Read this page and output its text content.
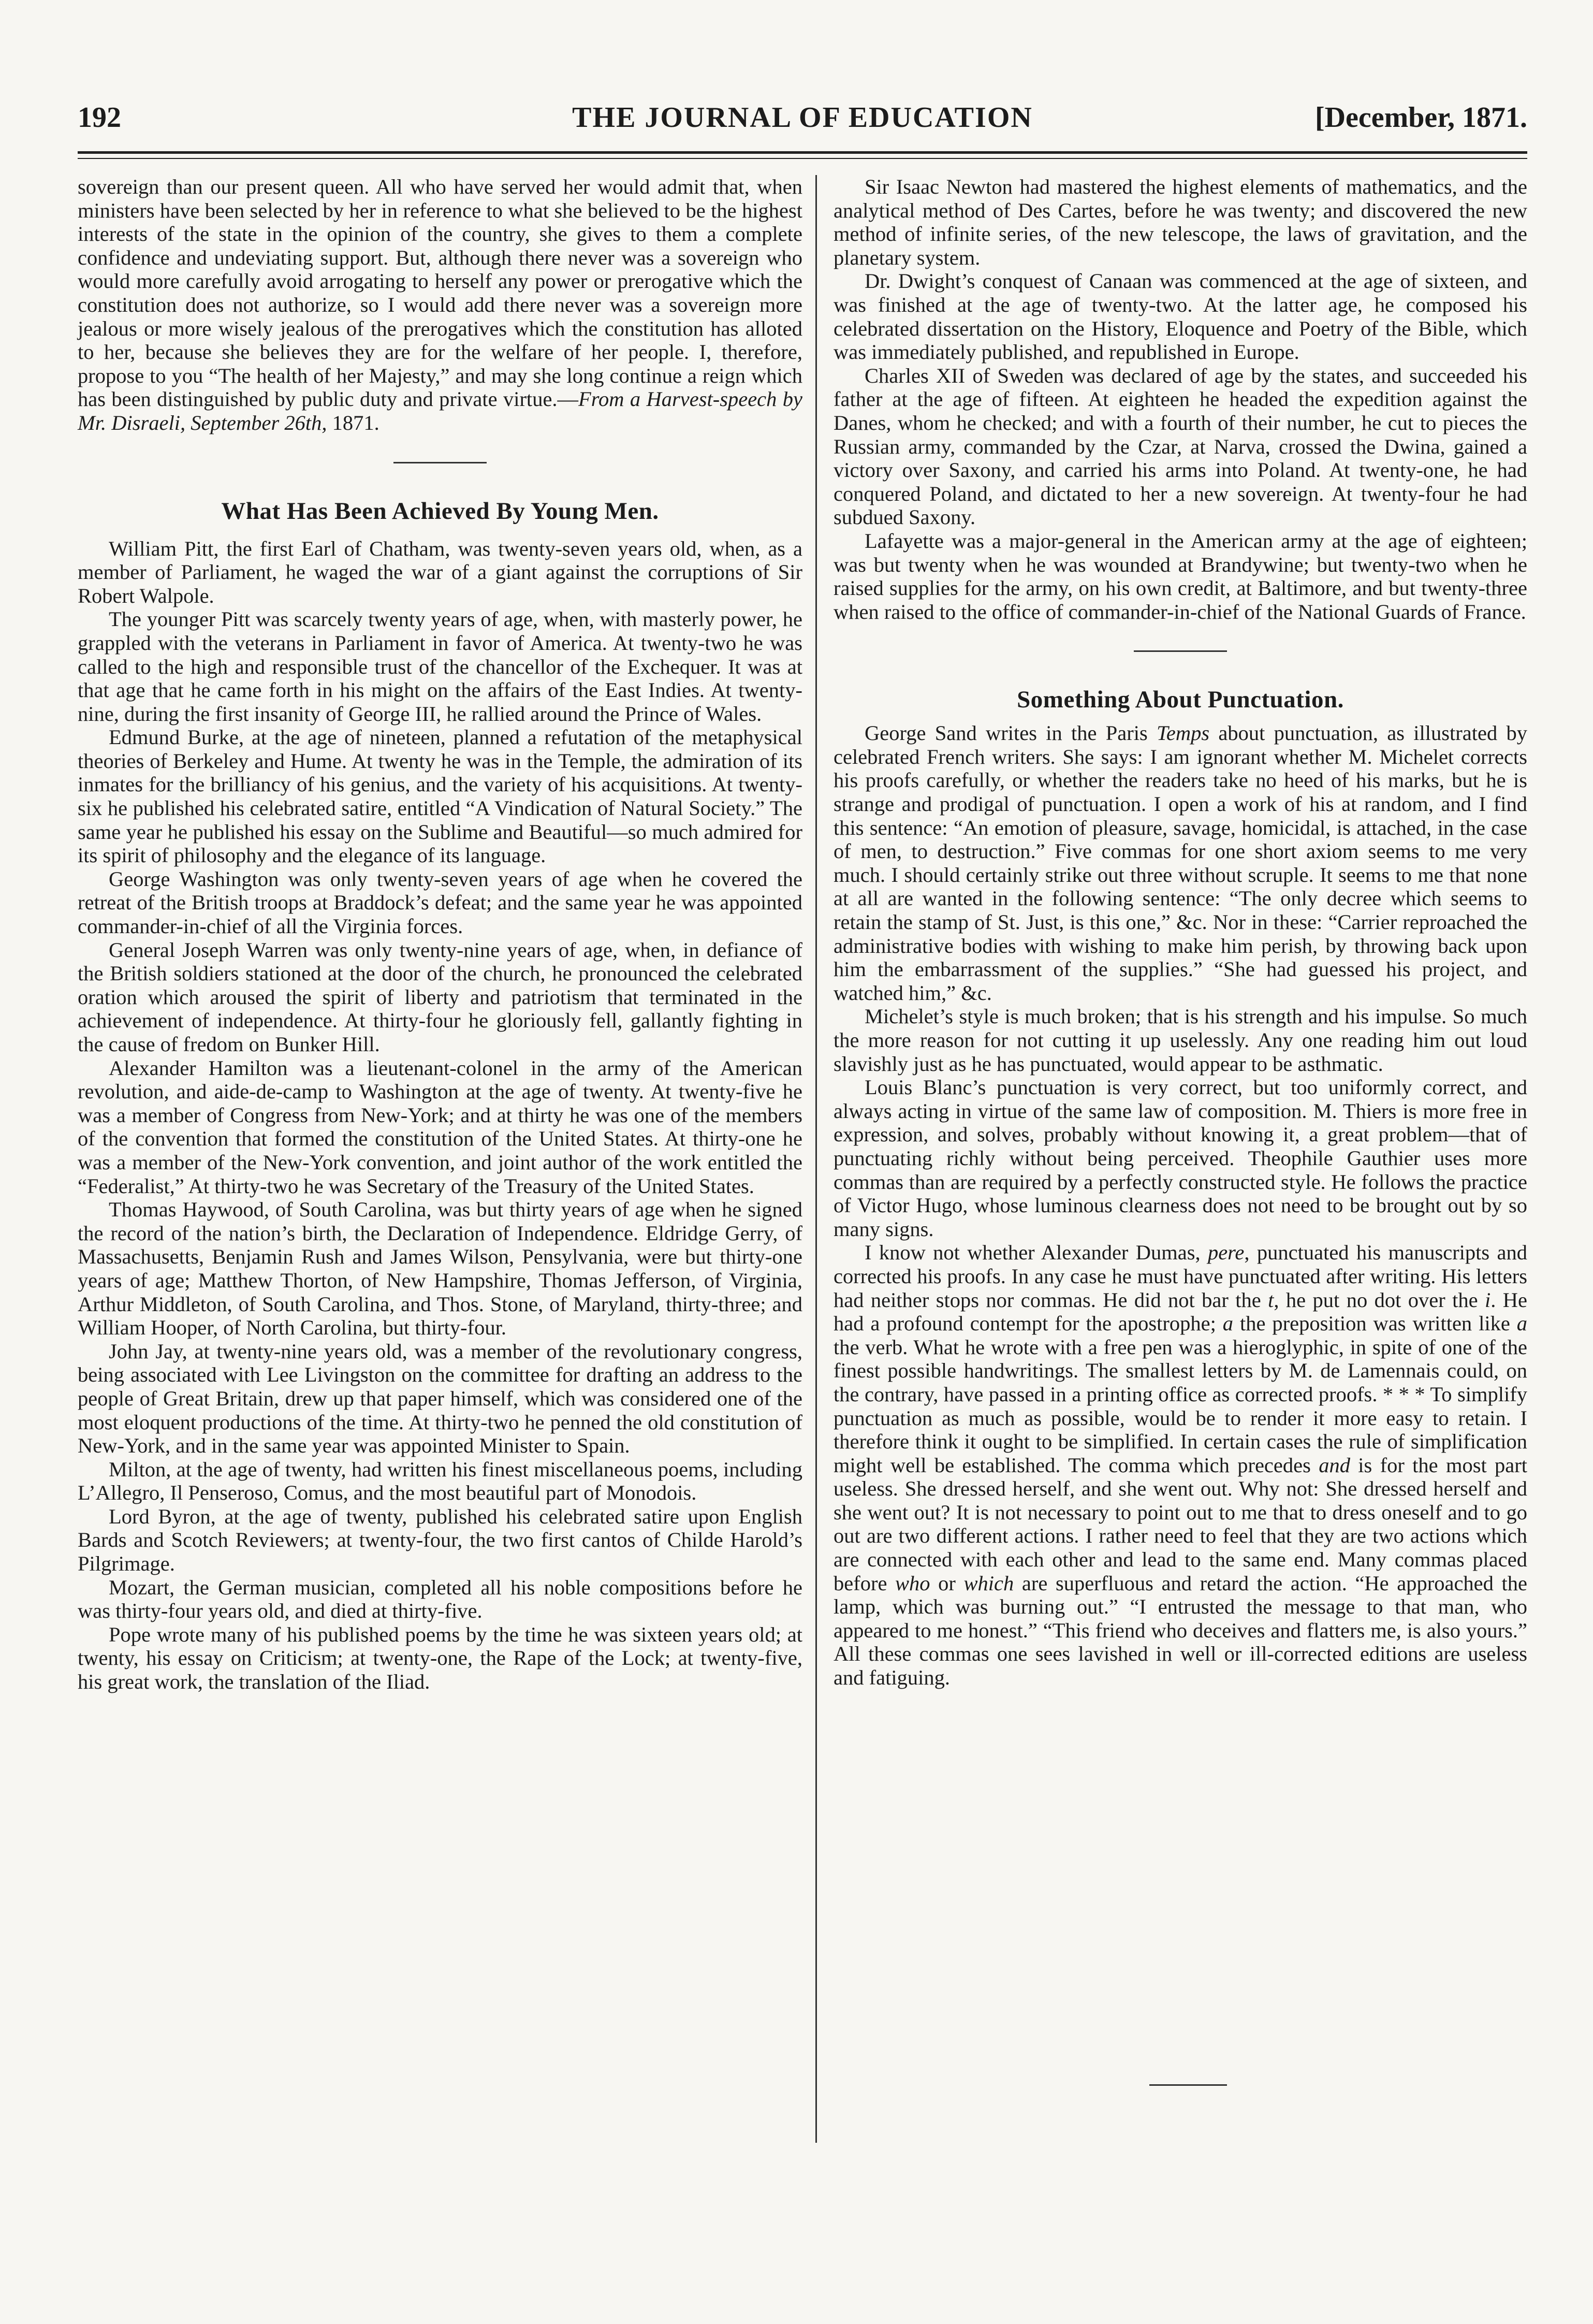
192	THE JOURNAL OF EDUCATION	[December, 1871.

sovereign than our present queen. All who have served her would admit that, when ministers have been selected by her in reference to what she believed to be the highest interests of the state in the opinion of the country, she gives to them a complete confidence and undeviating support. But, although there never was a sovereign who would more carefully avoid arrogating to herself any power or prerogative which the constitution does not authorize, so I would add there never was a sovereign more jealous or more wisely jealous of the prerogatives which the constitution has alloted to her, because she believes they are for the welfare of her people. I, therefore, propose to you “The health of her Majesty,” and may she long continue a reign which has been distinguished by public duty and private virtue.—From a Harvest-speech by Mr. Disraeli, September 26th, 1871.

What Has Been Achieved By Young Men.

William Pitt, the first Earl of Chatham, was twenty-seven years old, when, as a member of Parliament, he waged the war of a giant against the corruptions of Sir Robert Walpole.

The younger Pitt was scarcely twenty years of age, when, with masterly power, he grappled with the veterans in Parliament in favor of America. At twenty-two he was called to the high and responsible trust of the chancellor of the Exchequer. It was at that age that he came forth in his might on the affairs of the East Indies. At twenty-nine, during the first insanity of George III, he rallied around the Prince of Wales.

Edmund Burke, at the age of nineteen, planned a refutation of the metaphysical theories of Berkeley and Hume. At twenty he was in the Temple, the admiration of its inmates for the brilliancy of his genius, and the variety of his acquisitions. At twenty-six he published his celebrated satire, entitled “A Vindication of Natural Society.” The same year he published his essay on the Sublime and Beautiful—so much admired for its spirit of philosophy and the elegance of its language.

George Washington was only twenty-seven years of age when he covered the retreat of the British troops at Braddock’s defeat; and the same year he was appointed commander-in-chief of all the Virginia forces.

General Joseph Warren was only twenty-nine years of age, when, in defiance of the British soldiers stationed at the door of the church, he pronounced the celebrated oration which aroused the spirit of liberty and patriotism that terminated in the achievement of independence. At thirty-four he gloriously fell, gallantly fighting in the cause of fredom on Bunker Hill.

Alexander Hamilton was a lieutenant-colonel in the army of the American revolution, and aide-de-camp to Washington at the age of twenty. At twenty-five he was a member of Congress from New-York; and at thirty he was one of the members of the convention that formed the constitution of the United States. At thirty-one he was a member of the New-York convention, and joint author of the work entitled the “Federalist,” At thirty-two he was Secretary of the Treasury of the United States.

Thomas Haywood, of South Carolina, was but thirty years of age when he signed the record of the nation’s birth, the Declaration of Independence. Eldridge Gerry, of Massachusetts, Benjamin Rush and James Wilson, Pensylvania, were but thirty-one years of age; Matthew Thorton, of New Hampshire, Thomas Jefferson, of Virginia, Arthur Middleton, of South Carolina, and Thos. Stone, of Maryland, thirty-three; and William Hooper, of North Carolina, but thirty-four.

John Jay, at twenty-nine years old, was a member of the revolutionary congress, being associated with Lee Livingston on the committee for drafting an address to the people of Great Britain, drew up that paper himself, which was considered one of the most eloquent productions of the time. At thirty-two he penned the old constitution of New-York, and in the same year was appointed Minister to Spain.

Milton, at the age of twenty, had written his finest miscellaneous poems, including L’Allegro, Il Penseroso, Comus, and the most beautiful part of Monodois.

Lord Byron, at the age of twenty, published his celebrated satire upon English Bards and Scotch Reviewers; at twenty-four, the two first cantos of Childe Harold’s Pilgrimage.

Mozart, the German musician, completed all his noble compositions before he was thirty-four years old, and died at thirty-five.

Pope wrote many of his published poems by the time he was sixteen years old; at twenty, his essay on Criticism; at twenty-one, the Rape of the Lock; at twenty-five, his great work, the translation of the Iliad.

Sir Isaac Newton had mastered the highest elements of mathematics, and the analytical method of Des Cartes, before he was twenty; and discovered the new method of infinite series, of the new telescope, the laws of gravitation, and the planetary system.

Dr. Dwight’s conquest of Canaan was commenced at the age of sixteen, and was finished at the age of twenty-two. At the latter age, he composed his celebrated dissertation on the History, Eloquence and Poetry of the Bible, which was immediately published, and republished in Europe.

Charles XII of Sweden was declared of age by the states, and succeeded his father at the age of fifteen. At eighteen he headed the expedition against the Danes, whom he checked; and with a fourth of their number, he cut to pieces the Russian army, commanded by the Czar, at Narva, crossed the Dwina, gained a victory over Saxony, and carried his arms into Poland. At twenty-one, he had conquered Poland, and dictated to her a new sovereign. At twenty-four he had subdued Saxony.

Lafayette was a major-general in the American army at the age of eighteen; was but twenty when he was wounded at Brandywine; but twenty-two when he raised supplies for the army, on his own credit, at Baltimore, and but twenty-three when raised to the office of commander-in-chief of the National Guards of France.

Something About Punctuation.

George Sand writes in the Paris Temps about punctuation, as illustrated by celebrated French writers. She says: I am ignorant whether M. Michelet corrects his proofs carefully, or whether the readers take no heed of his marks, but he is strange and prodigal of punctuation. I open a work of his at random, and I find this sentence: “An emotion of pleasure, savage, homicidal, is attached, in the case of men, to destruction.” Five commas for one short axiom seems to me very much. I should certainly strike out three without scruple. It seems to me that none at all are wanted in the following sentence: “The only decree which seems to retain the stamp of St. Just, is this one,” &c. Nor in these: “Carrier reproached the administrative bodies with wishing to make him perish, by throwing back upon him the embarrassment of the supplies.” “She had guessed his project, and watched him,” &c.

Michelet’s style is much broken; that is his strength and his impulse. So much the more reason for not cutting it up uselessly. Any one reading him out loud slavishly just as he has punctuated, would appear to be asthmatic.

Louis Blanc’s punctuation is very correct, but too uniformly correct, and always acting in virtue of the same law of composition. M. Thiers is more free in expression, and solves, probably without knowing it, a great problem—that of punctuating richly without being perceived. Theophile Gauthier uses more commas than are required by a perfectly constructed style. He follows the practice of Victor Hugo, whose luminous clearness does not need to be brought out by so many signs.

I know not whether Alexander Dumas, pere, punctuated his manuscripts and corrected his proofs. In any case he must have punctuated after writing. His letters had neither stops nor commas. He did not bar the t, he put no dot over the i. He had a profound contempt for the apostrophe; a the preposition was written like a the verb. What he wrote with a free pen was a hieroglyphic, in spite of one of the finest possible handwritings. The smallest letters by M. de Lamennais could, on the contrary, have passed in a printing office as corrected proofs. * * * To simplify punctuation as much as possible, would be to render it more easy to retain. I therefore think it ought to be simplified. In certain cases the rule of simplification might well be established. The comma which precedes and is for the most part useless. She dressed herself, and she went out. Why not: She dressed herself and she went out? It is not necessary to point out to me that to dress oneself and to go out are two different actions. I rather need to feel that they are two actions which are connected with each other and lead to the same end. Many commas placed before who or which are superfluous and retard the action. “He approached the lamp, which was burning out.” “I entrusted the message to that man, who appeared to me honest.” “This friend who deceives and flatters me, is also yours.” All these commas one sees lavished in well or ill-corrected editions are useless and fatiguing.
